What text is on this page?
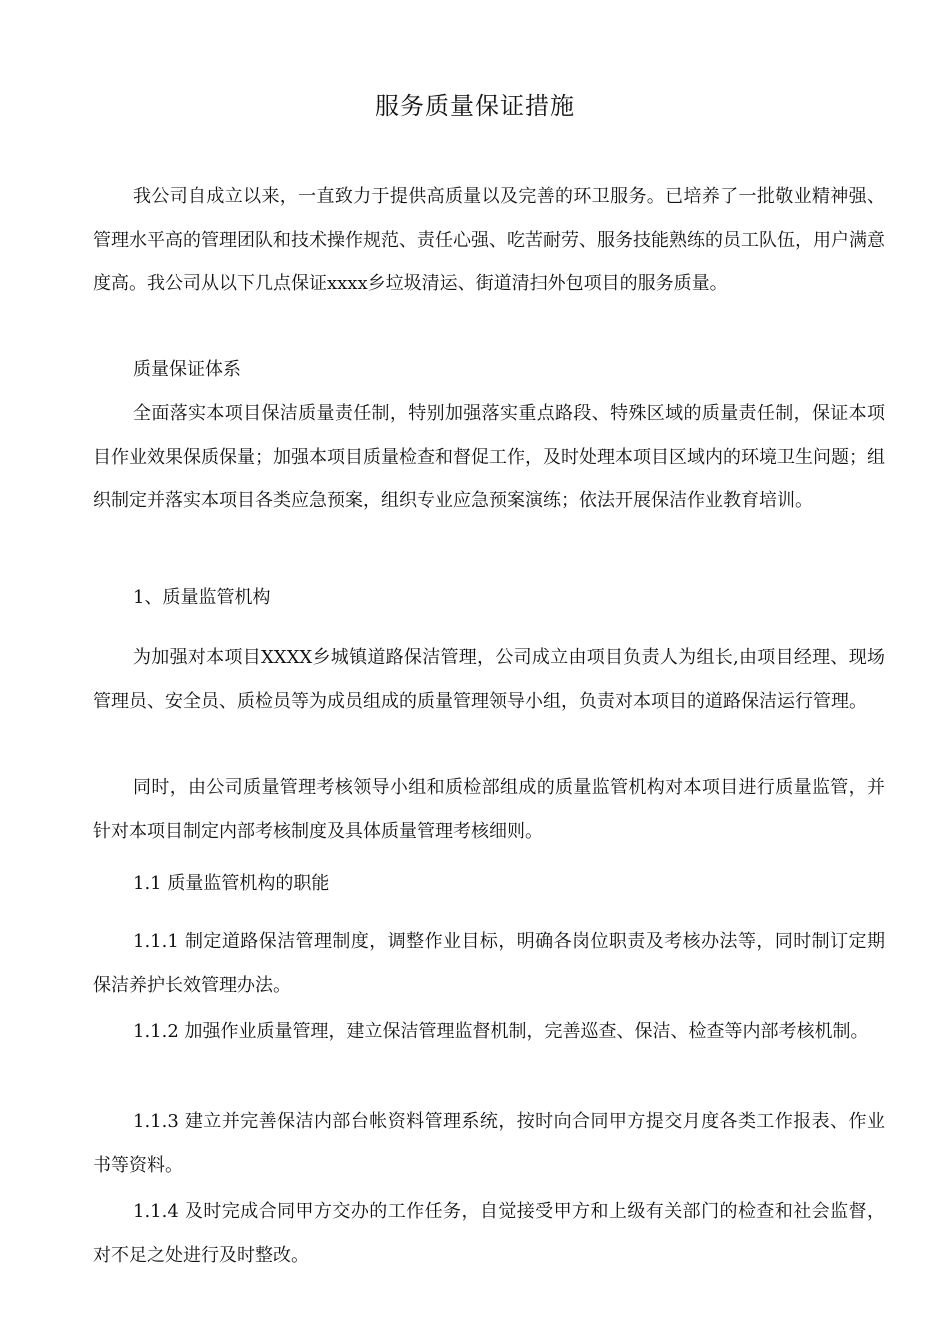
服务质量保证措施

我公司自成立以来，一直致力于提供高质量以及完善的环卫服务。已培养了一批敬业精神强、管理水平高的管理团队和技术操作规范、责任心强、吃苦耐劳、服务技能熟练的员工队伍，用户满意度高。我公司从以下几点保证xxxx乡垃圾清运、街道清扫外包项目的服务质量。

质量保证体系

全面落实本项目保洁质量责任制，特别加强落实重点路段、特殊区域的质量责任制，保证本项目作业效果保质保量；加强本项目质量检查和督促工作，及时处理本项目区域内的环境卫生问题；组织制定并落实本项目各类应急预案，组织专业应急预案演练；依法开展保洁作业教育培训。

1、质量监管机构

为加强对本项目XXXX乡城镇道路保洁管理，公司成立由项目负责人为组长,由项目经理、现场管理员、安全员、质检员等为成员组成的质量管理领导小组，负责对本项目的道路保洁运行管理。

同时，由公司质量管理考核领导小组和质检部组成的质量监管机构对本项目进行质量监管，并针对本项目制定内部考核制度及具体质量管理考核细则。

1.1 质量监管机构的职能

1.1.1 制定道路保洁管理制度，调整作业目标，明确各岗位职责及考核办法等，同时制订定期保洁养护长效管理办法。

1.1.2 加强作业质量管理，建立保洁管理监督机制，完善巡查、保洁、检查等内部考核机制。

1.1.3 建立并完善保洁内部台帐资料管理系统，按时向合同甲方提交月度各类工作报表、作业书等资料。

1.1.4 及时完成合同甲方交办的工作任务，自觉接受甲方和上级有关部门的检查和社会监督，对不足之处进行及时整改。
